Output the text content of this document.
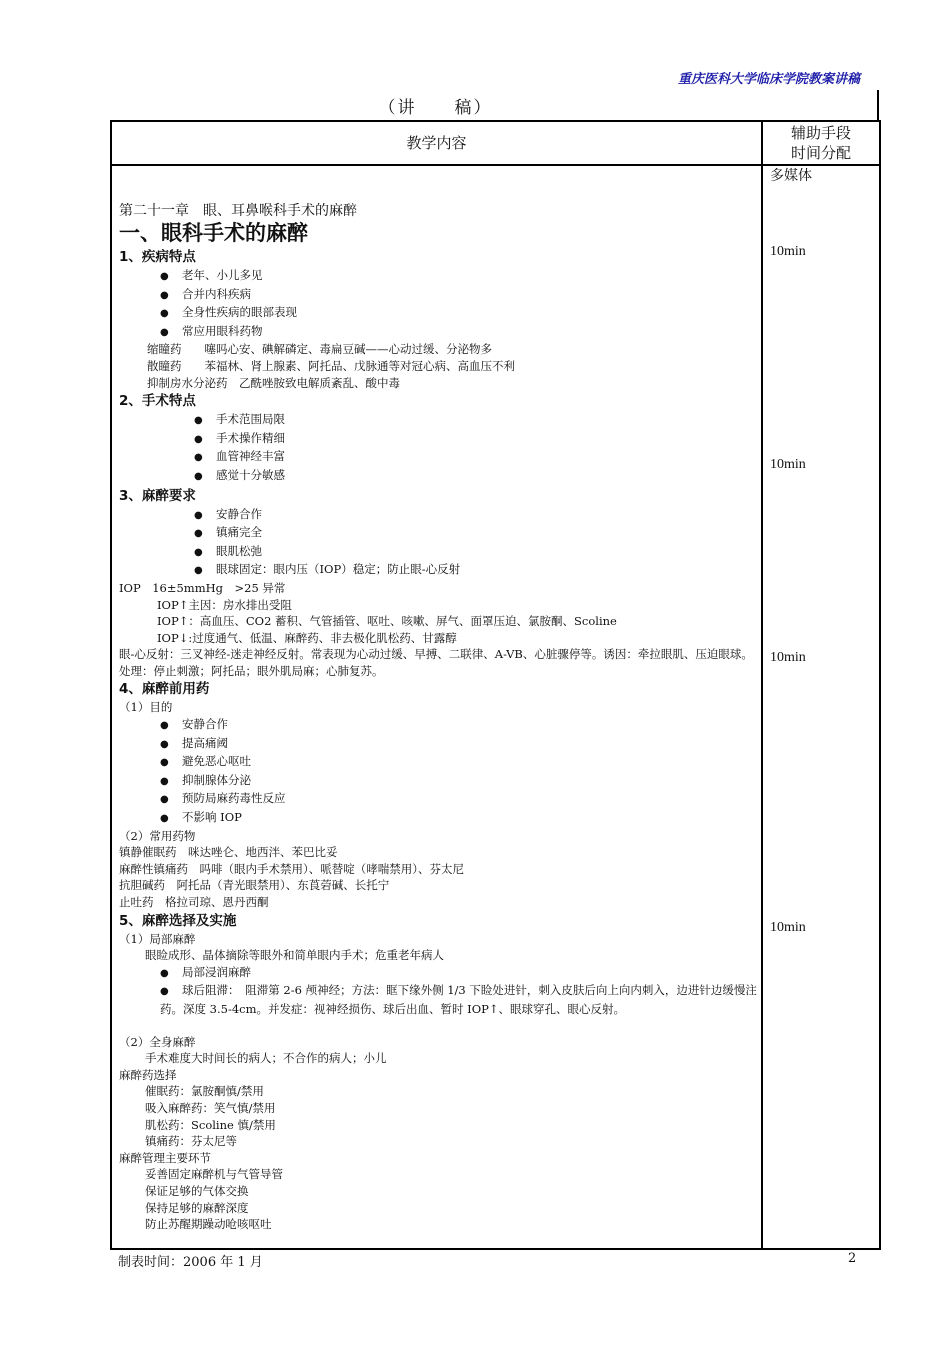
重庆医科大学临床学院教案讲稿
（讲　　稿）
教学内容
辅助手段
时间分配
第二十一章　眼、耳鼻喉科手术的麻醉
一、眼科手术的麻醉
1、疾病特点
● 老年、小儿多见
● 合并内科疾病
● 全身性疾病的眼部表现
● 常应用眼科药物
缩瞳药　　噻吗心安、碘解磷定、毒扁豆碱——心动过缓、分泌物多
散瞳药　　苯福林、肾上腺素、阿托品、戊脉通等对冠心病、高血压不利
抑制房水分泌药　乙酰唑胺致电解质紊乱、酸中毒
2、手术特点
● 手术范围局限
● 手术操作精细
● 血管神经丰富
● 感觉十分敏感
3、麻醉要求
● 安静合作
● 镇痛完全
● 眼肌松弛
● 眼球固定：眼内压（IOP）稳定；防止眼-心反射
IOP　16±5mmHg　>25 异常
IOP↑主因：房水排出受阻
IOP↑：高血压、CO2 蓄积、气管插管、呕吐、咳嗽、屏气、面罩压迫、氯胺酮、Scoline
IOP↓:过度通气、低温、麻醉药、非去极化肌松药、甘露醇
眼-心反射：三叉神经-迷走神经反射。常表现为心动过缓、早搏、二联律、A-VB、心脏骤停等。诱因：牵拉眼肌、压迫眼球。处理：停止刺激；阿托品；眼外肌局麻；心肺复苏。
4、麻醉前用药
（1）目的
● 安静合作
● 提高痛阈
● 避免恶心呕吐
● 抑制腺体分泌
● 预防局麻药毒性反应
● 不影响 IOP
（2）常用药物
镇静催眠药　咪达唑仑、地西泮、苯巴比妥
麻醉性镇痛药　吗啡（眼内手术禁用）、哌替啶（哮喘禁用）、芬太尼
抗胆碱药　阿托品（青光眼禁用）、东莨菪碱、长托宁
止吐药　格拉司琼、恩丹西酮
5、麻醉选择及实施
（1）局部麻醉
眼睑成形、晶体摘除等眼外和简单眼内手术；危重老年病人
● 局部浸润麻醉
● 球后阻滞：　阻滞第 2-6 颅神经；方法：眶下缘外侧 1/3 下睑处进针，刺入皮肤后向上向内刺入，边进针边缓慢注药。深度 3.5-4cm。并发症：视神经损伤、球后出血、暂时 IOP↑、眼球穿孔、眼心反射。
（2）全身麻醉
手术难度大时间长的病人；不合作的病人；小儿
麻醉药选择
催眠药：氯胺酮慎/禁用
吸入麻醉药：笑气慎/禁用
肌松药：Scoline 慎/禁用
镇痛药：芬太尼等
麻醉管理主要环节
妥善固定麻醉机与气管导管
保证足够的气体交换
保持足够的麻醉深度
防止苏醒期躁动呛咳呕吐
多媒体
10min
10min
10min
10min
制表时间：2006 年 1 月	2
